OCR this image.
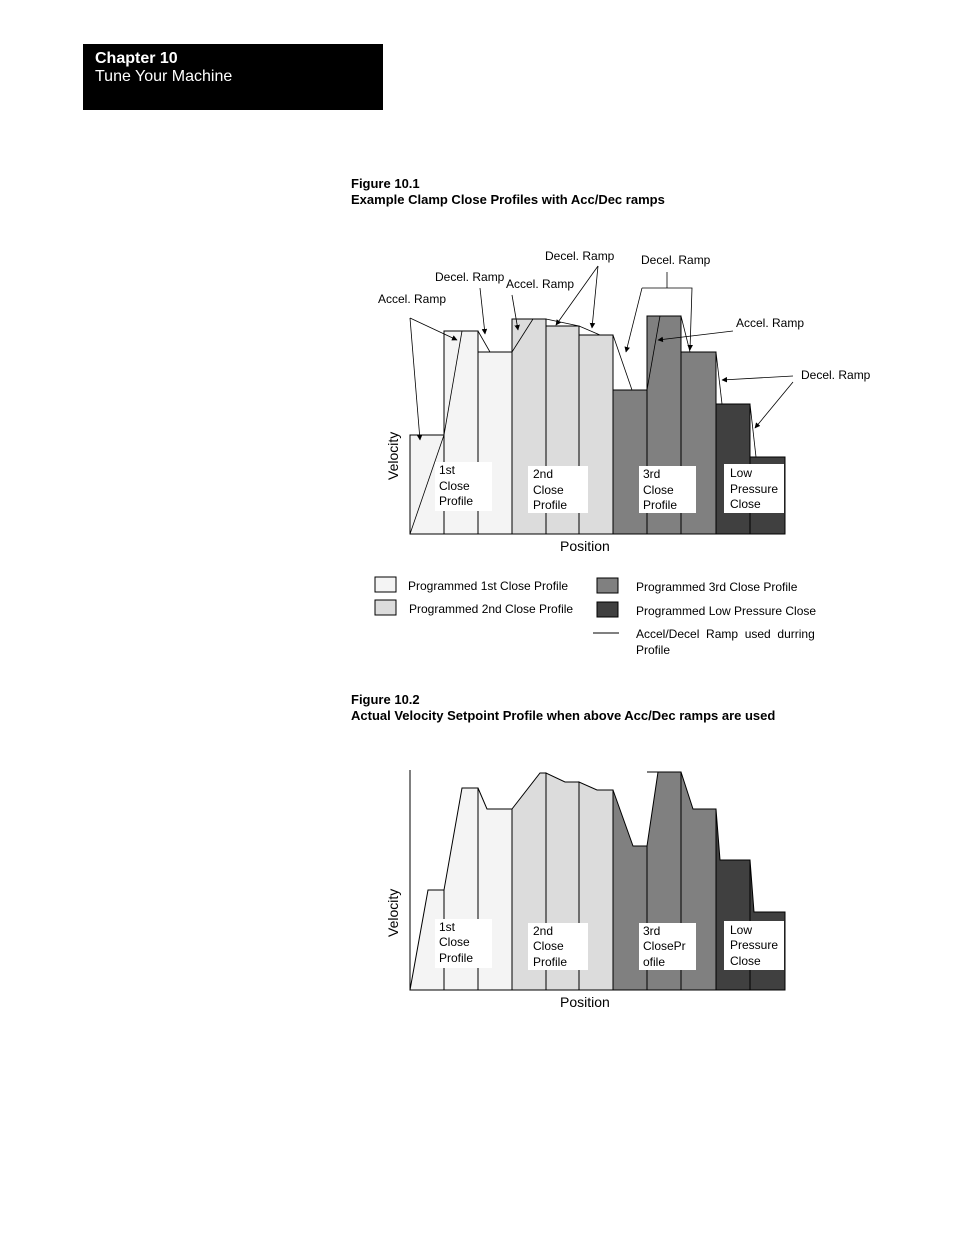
Chapter 10
Tune Your Machine
Figure 10.1
Example Clamp Close Profiles with Acc/Dec ramps
Accel. Ramp
Decel. Ramp Accel. Ramp
Decel. Ramp Decel. Ramp
Accel. Ramp
Decel. Ramp
1st
Close
Profile
2nd
Close
Profile
3rd
Close
Profile
Low
Pressure
Close
Velocity
Position
Programmed 1st Close Profile
Programmed 2nd Close Profile
Programmed 3rd Close Profile
Programmed Low Pressure Close
Accel/Decel  Ramp  used  durring
Profile
Figure 10.2
Actual Velocity Setpoint Profile when above Acc/Dec ramps are used
1st
Close
Profile
2nd
Close
Profile
3rd
ClosePr
ofile
Low
Pressure
Close
Velocity
Position
